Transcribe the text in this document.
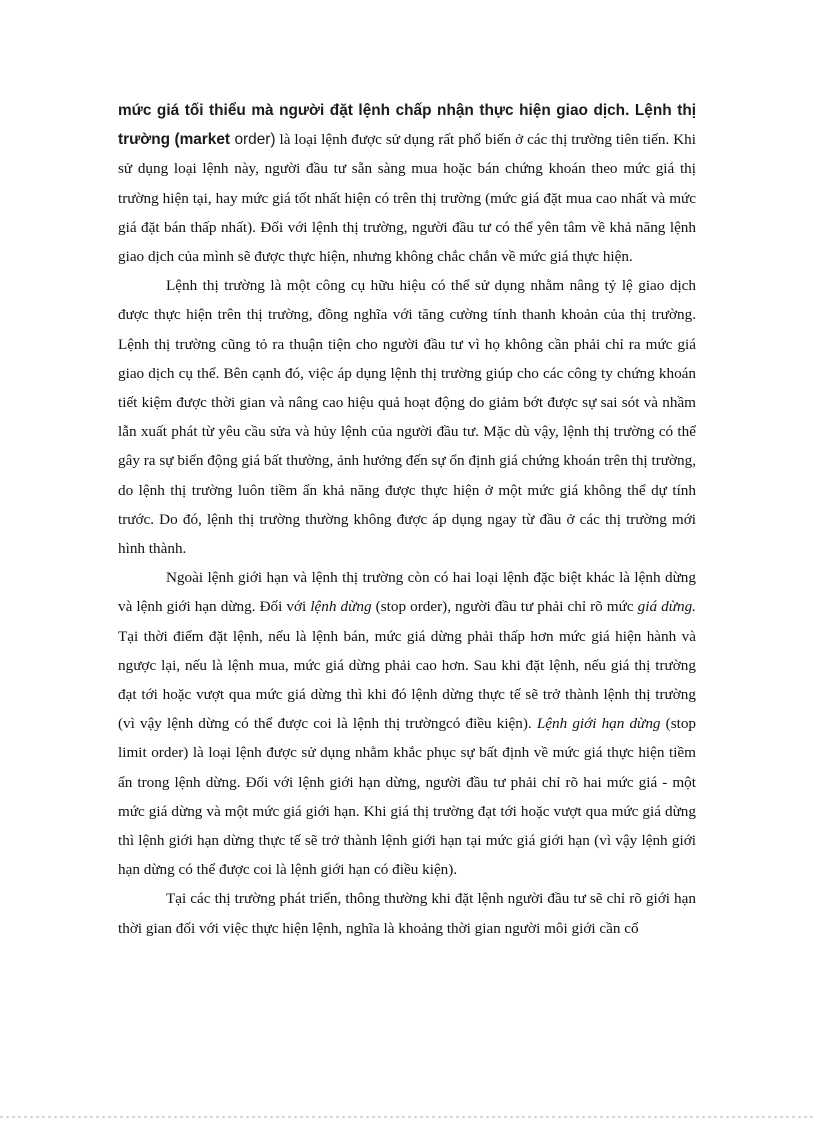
mức giá tối thiểu mà người đặt lệnh chấp nhận thực hiện giao dịch. Lệnh thị trường (market order) là loại lệnh được sử dụng rất phổ biến ở các thị trường tiên tiến. Khi sử dụng loại lệnh này, người đầu tư sẵn sàng mua hoặc bán chứng khoán theo mức giá thị trường hiện tại, hay mức giá tốt nhất hiện có trên thị trường (mức giá đặt mua cao nhất và mức giá đặt bán thấp nhất). Đối với lệnh thị trường, người đầu tư có thể yên tâm về khả năng lệnh giao dịch của mình sẽ được thực hiện, nhưng không chắc chắn về mức giá thực hiện.

Lệnh thị trường là một công cụ hữu hiệu có thể sử dụng nhằm nâng tỷ lệ giao dịch được thực hiện trên thị trường, đồng nghĩa với tăng cường tính thanh khoản của thị trường. Lệnh thị trường cũng tỏ ra thuận tiện cho người đầu tư vì họ không cần phải chỉ ra mức giá giao dịch cụ thể. Bên cạnh đó, việc áp dụng lệnh thị trường giúp cho các công ty chứng khoán tiết kiệm được thời gian và nâng cao hiệu quả hoạt động do giảm bớt được sự sai sót và nhầm lẫn xuất phát từ yêu cầu sửa và hủy lệnh của người đầu tư. Mặc dù vậy, lệnh thị trường có thể gây ra sự biến động giá bất thường, ảnh hưởng đến sự ổn định giá chứng khoán trên thị trường, do lệnh thị trường luôn tiềm ẩn khả năng được thực hiện ở một mức giá không thể dự tính trước. Do đó, lệnh thị trường thường không được áp dụng ngay từ đầu ở các thị trường mới hình thành.

Ngoài lệnh giới hạn và lệnh thị trường còn có hai loại lệnh đặc biệt khác là lệnh dừng và lệnh giới hạn dừng. Đối với lệnh dừng (stop order), người đầu tư phải chỉ rõ mức giá dừng. Tại thời điểm đặt lệnh, nếu là lệnh bán, mức giá dừng phải thấp hơn mức giá hiện hành và ngược lại, nếu là lệnh mua, mức giá dừng phải cao hơn. Sau khi đặt lệnh, nếu giá thị trường đạt tới hoặc vượt qua mức giá dừng thì khi đó lệnh dừng thực tế sẽ trở thành lệnh thị trường (vì vậy lệnh dừng có thể được coi là lệnh thị trườngcó điều kiện). Lệnh giới hạn dừng (stop limit order) là loại lệnh được sử dụng nhằm khắc phục sự bất định về mức giá thực hiện tiềm ẩn trong lệnh dừng. Đối với lệnh giới hạn dừng, người đầu tư phải chỉ rõ hai mức giá - một mức giá dừng và một mức giá giới hạn. Khi giá thị trường đạt tới hoặc vượt qua mức giá dừng thì lệnh giới hạn dừng thực tế sẽ trở thành lệnh giới hạn tại mức giá giới hạn (vì vậy lệnh giới hạn dừng có thể được coi là lệnh giới hạn có điều kiện).

Tại các thị trường phát triển, thông thường khi đặt lệnh người đầu tư sẽ chỉ rõ giới hạn thời gian đối với việc thực hiện lệnh, nghĩa là khoảng thời gian người môi giới cần cố
